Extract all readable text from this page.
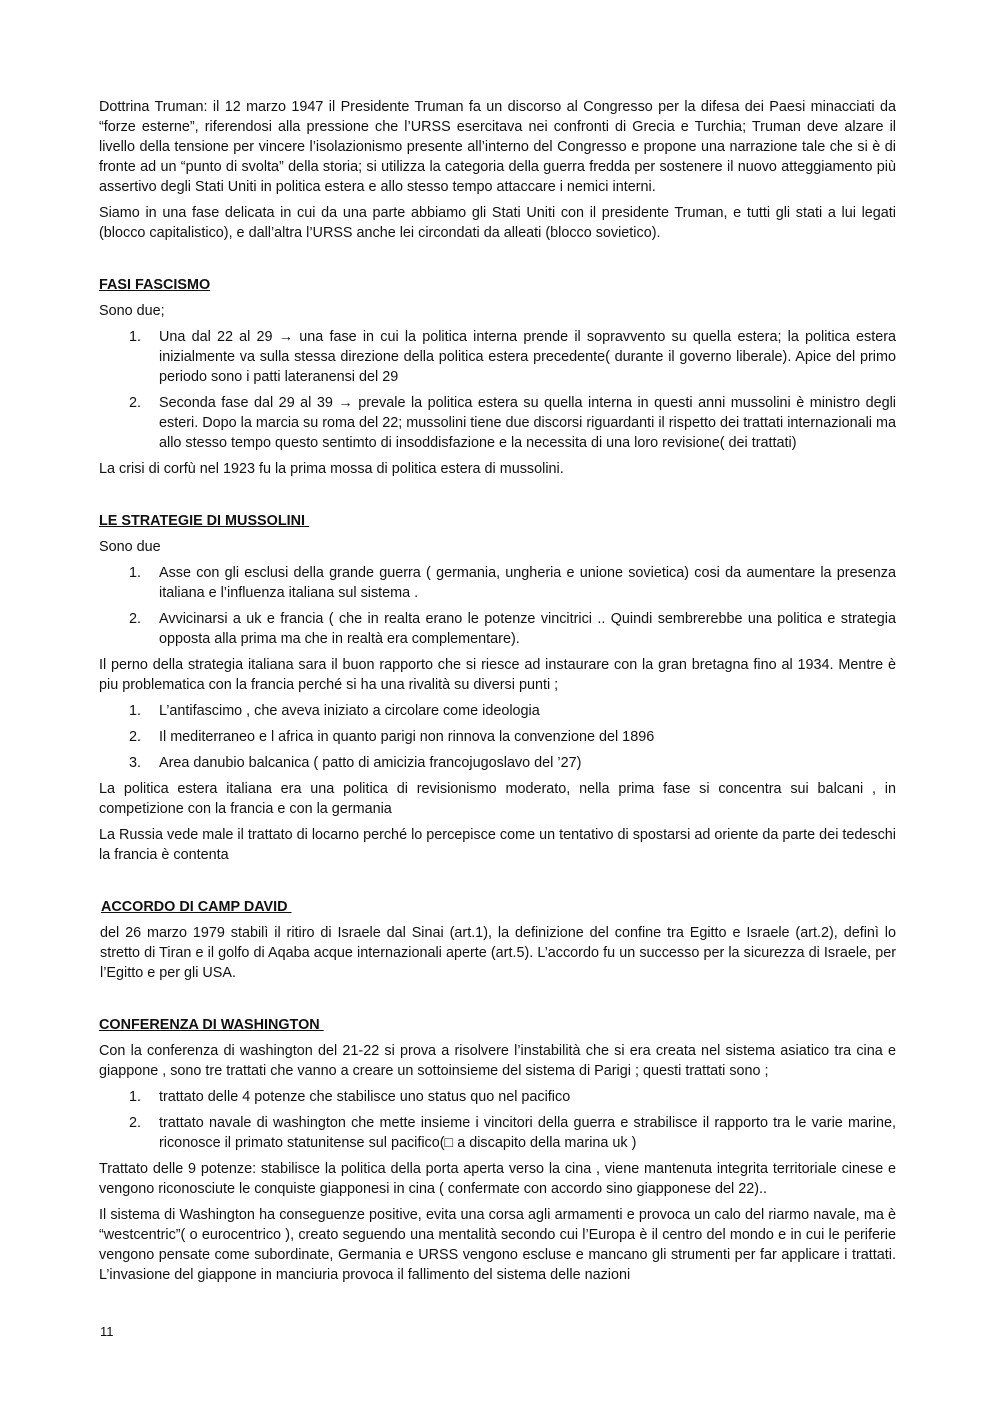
Dottrina Truman: il 12 marzo 1947 il Presidente Truman fa un discorso al Congresso per la difesa dei Paesi minacciati da “forze esterne”, riferendosi alla pressione che l’URSS esercitava nei confronti di Grecia e Turchia; Truman deve alzare il livello della tensione per vincere l’isolazionismo presente all’interno del Congresso e propone una narrazione tale che si è di fronte ad un “punto di svolta” della storia; si utilizza la categoria della guerra fredda per sostenere il nuovo atteggiamento più assertivo degli Stati Uniti in politica estera e allo stesso tempo attaccare i nemici interni.

Siamo in una fase delicata in cui da una parte abbiamo gli Stati Uniti con il presidente Truman, e tutti gli stati a lui legati (blocco capitalistico), e dall’altra l’URSS anche lei circondati da alleati (blocco sovietico).

FASI FASCISMO

Sono due;

1. Una dal 22 al 29 → una fase in cui la politica interna prende il sopravvento su quella estera; la politica estera inizialmente va sulla stessa direzione della politica estera precedente( durante il governo liberale). Apice del primo periodo sono i patti lateranensi del 29
2. Seconda fase dal 29 al 39 → prevale la politica estera su quella interna in questi anni mussolini è ministro degli esteri. Dopo la marcia su roma del 22; mussolini tiene due discorsi riguardanti il rispetto dei trattati internazionali ma allo stesso tempo questo sentimto di insoddisfazione e la necessita di una loro revisione( dei trattati)

La crisi di corfù nel 1923 fu la prima mossa di politica estera di mussolini.

LE STRATEGIE DI MUSSOLINI

Sono due

1. Asse con gli esclusi della grande guerra ( germania, ungheria e unione sovietica) cosi da aumentare la presenza italiana e l’influenza italiana sul sistema .
2. Avvicinarsi a uk e francia ( che in realta erano le potenze vincitrici .. Quindi sembrerebbe una politica e strategia opposta alla prima ma che in realtà era complementare).

Il perno della strategia italiana sara il buon rapporto che si riesce ad instaurare con la gran bretagna fino al 1934. Mentre è piu problematica con la francia perché si ha una rivalità su diversi punti ;

1. L’antifascimo , che aveva iniziato a circolare come ideologia
2. Il mediterraneo e l africa in quanto parigi non rinnova la convenzione del 1896
3. Area danubio balcanica ( patto di amicizia francojugoslavo del ’27)

La politica estera italiana era una politica di revisionismo moderato, nella prima fase si concentra sui balcani , in competizione con la francia e con la germania

La Russia vede male il trattato di locarno perché lo percepisce come un tentativo di spostarsi ad oriente da parte dei tedeschi la francia è contenta

ACCORDO DI CAMP DAVID

del 26 marzo 1979 stabilì il ritiro di Israele dal Sinai (art.1), la definizione del confine tra Egitto e Israele (art.2), definì lo stretto di Tiran e il golfo di Aqaba acque internazionali aperte (art.5). L’accordo fu un successo per la sicurezza di Israele, per l’Egitto e per gli USA.

CONFERENZA DI WASHINGTON

Con la conferenza di washington del 21-22 si prova a risolvere l’instabilità che si era creata nel sistema asiatico tra cina e giappone , sono tre trattati che vanno a creare un sottoinsieme del sistema di Parigi ; questi trattati sono ;

1. trattato delle 4 potenze che stabilisce uno status quo nel pacifico
2. trattato navale di washington che mette insieme i vincitori della guerra e strabilisce il rapporto tra le varie marine, riconosce il primato statunitense sul pacifico(□ a discapito della marina uk )

Trattato delle 9 potenze: stabilisce la politica della porta aperta verso la cina , viene mantenuta integrita territoriale cinese e vengono riconosciute le conquiste giapponesi in cina ( confermate con accordo sino giapponese del 22)..

Il sistema di Washington ha conseguenze positive, evita una corsa agli armamenti e provoca un calo del riarmo navale, ma è “westcentric”( o eurocentrico ), creato seguendo una mentalità secondo cui l’Europa è il centro del mondo e in cui le periferie vengono pensate come subordinate, Germania e URSS vengono escluse e mancano gli strumenti per far applicare i trattati. L’invasione del giappone in manciuria provoca il fallimento del sistema delle nazioni

11
